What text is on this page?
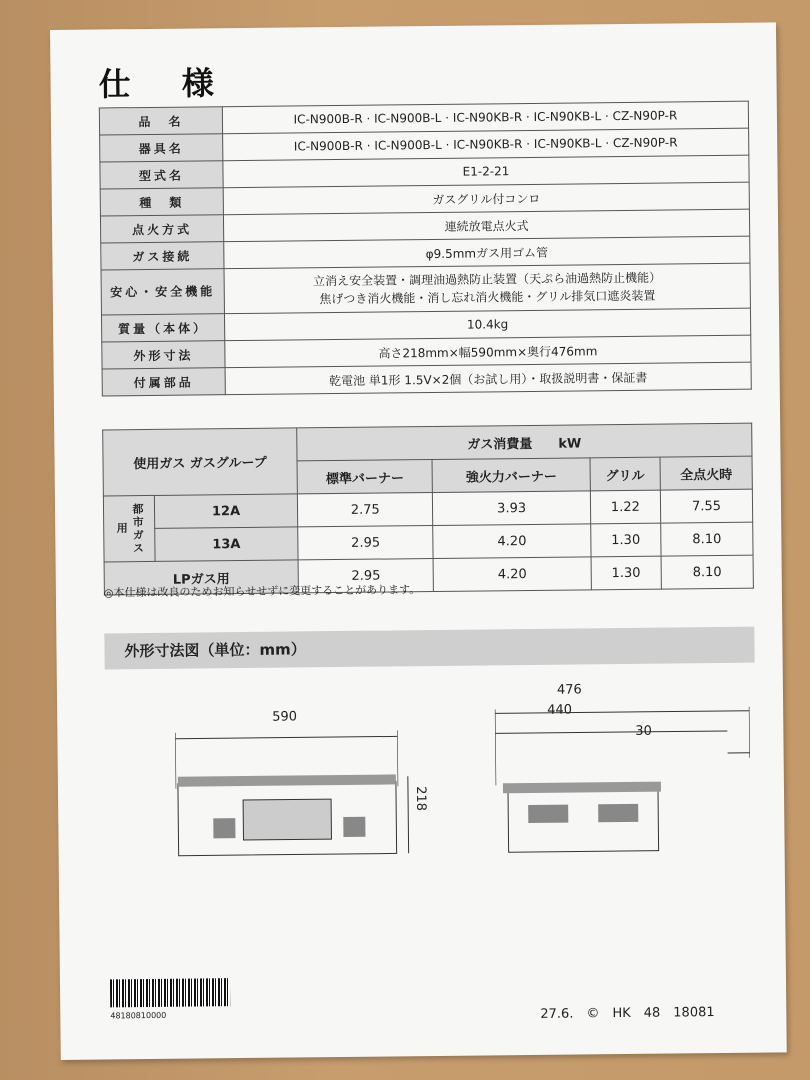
仕 様
品　名	IC-N900B-R · IC-N900B-L · IC-N90KB-R · IC-N90KB-L · CZ-N90P-R

器具名	IC-N900B-R · IC-N900B-L · IC-N90KB-R · IC-N90KB-L · CZ-N90P-R

型式名	E1-2-21

種　類	ガスグリル付コンロ

点火方式	連続放電点火式

ガス接続	φ9.5mmガス用ゴム管

安心・安全機能	立消え安全装置・調理油過熱防止装置（天ぷら油過熱防止機能）
焦げつき消火機能・消し忘れ消火機能・グリル排気口遮炎装置

質量（本体）	10.4kg

外形寸法	高さ218mm×幅590mm×奥行476mm

付属部品	乾電池 単1形 1.5V×2個（お試し用）・取扱説明書・保証書
使用ガス ガスグループ		ガス消費量　　kW			
		標準バーナー	強火力バーナー	グリル	全点火時
都市ガス用	12A	2.75	3.93	1.22	7.55
	13A	2.95	4.20	1.30	8.10
LPガス用		2.95	4.20	1.30	8.10
◎本仕様は改良のためお知らせせずに変更することがあります。
外形寸法図（単位：mm）
590
218
476
440
30
48180810000	27.6.　©　HK　48　18081
